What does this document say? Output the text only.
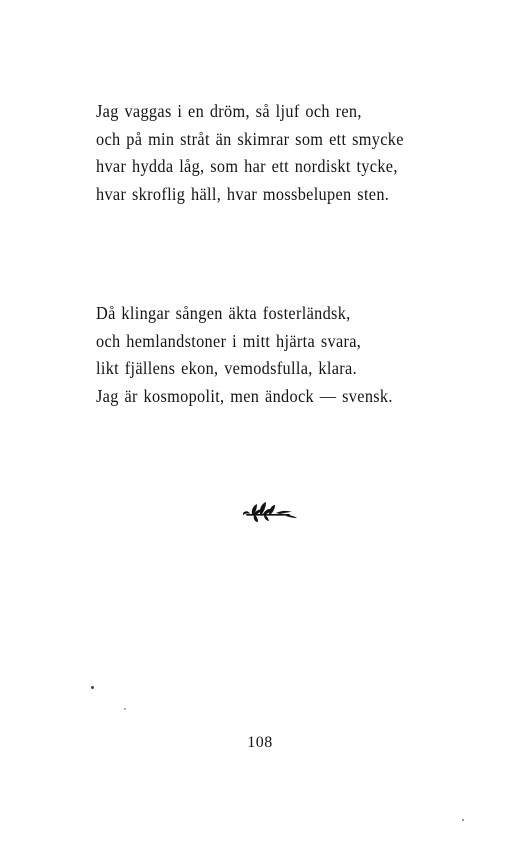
Jag vaggas i en dröm, så ljuf och ren,
och på min stråt än skimrar som ett smycke
hvar hydda låg, som har ett nordiskt tycke,
hvar skroflig häll, hvar mossbelupen sten.
Då klingar sången äkta fosterländsk,
och hemlandstoner i mitt hjärta svara,
likt fjällens ekon, vemodsfulla, klara.
Jag är kosmopolit, men ändock — svensk.
108
